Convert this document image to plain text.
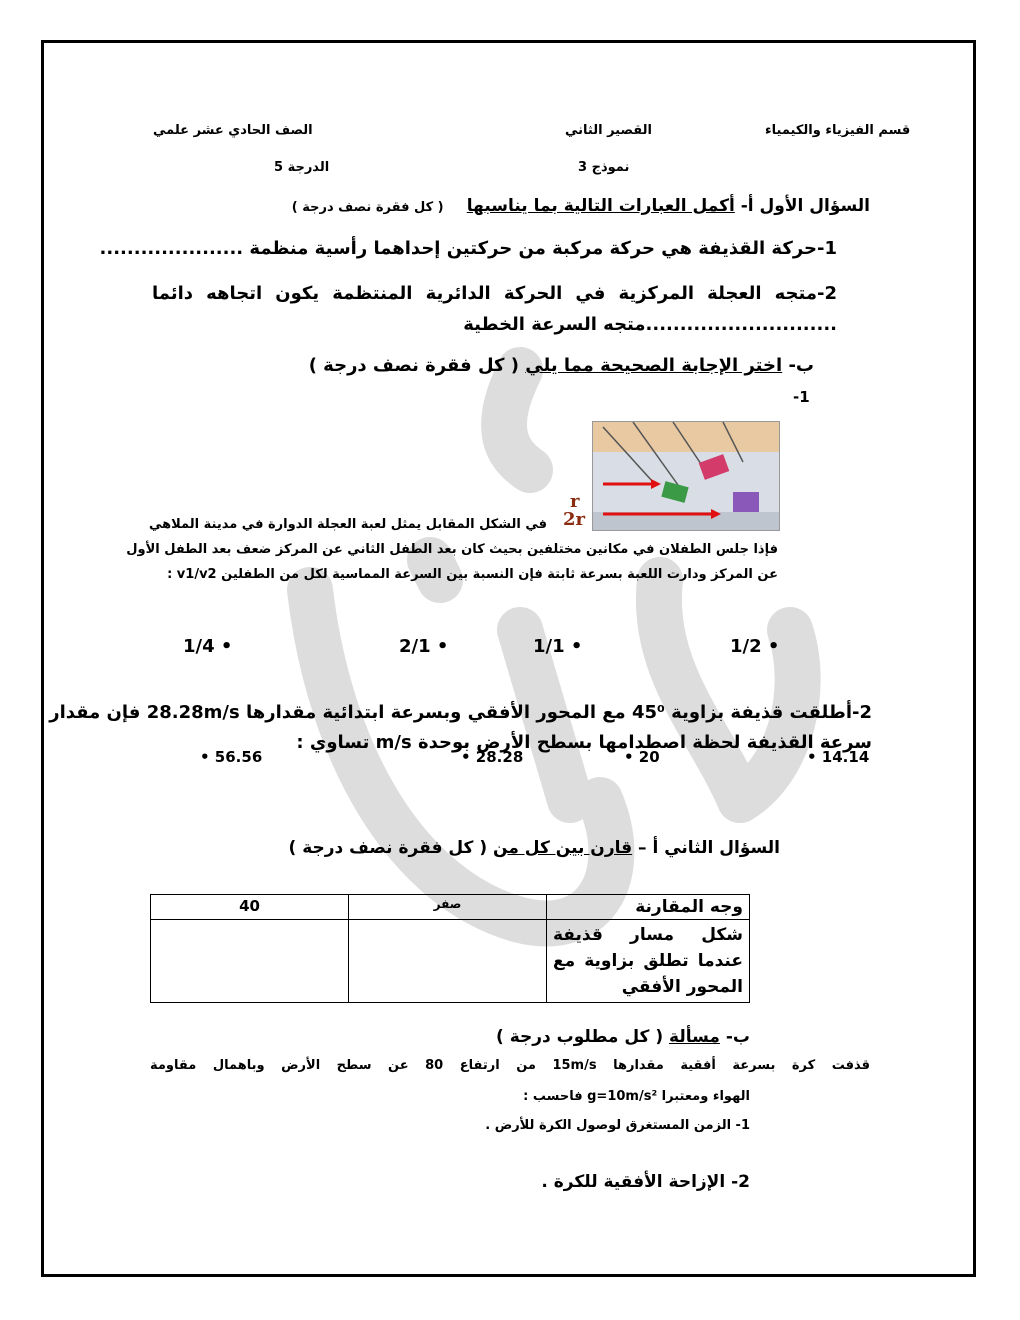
قسم الفيزياء والكيمياء
القصير الثاني
الصف الحادي عشر علمي
نموذج 3
الدرجة 5
السؤال الأول أ- أكمل العبارات التالية بما يناسبها ( كل فقرة نصف درجة )
1-حركة القذيفة هي حركة مركبة من حركتين إحداهما رأسية منظمة .....................
2-متجه العجلة المركزية في الحركة الدائرية المنتظمة يكون اتجاهه دائما
............................متجه السرعة الخطية
ب- اختر الإجابة الصحيحة مما يلي ( كل فقرة نصف درجة )
-1
r
2r
في الشكل المقابل يمثل لعبة العجلة الدوارة في مدينة الملاهي
فإذا جلس الطفلان في مكانين مختلفين بحيث كان بعد الطفل الثاني عن المركز ضعف بعد الطفل الأول
عن المركز ودارت اللعبة بسرعة ثابتة فإن النسبة بين السرعة المماسية لكل من الطفلين v1/v2 :
1/2 •
1/1 •
2/1 •
1/4 •
2-أطلقت قذيفة بزاوية 45⁰ مع المحور الأفقي وبسرعة ابتدائية مقدارها 28.28m/s فإن مقدار
سرعة القذيفة لحظة اصطدامها بسطح الأرض بوحدة m/s تساوي :
• 14.14
• 20
• 28.28
• 56.56
السؤال الثاني أ – قارن بين كل من ( كل فقرة نصف درجة )
وجه المقارنة	صفر	40
شكل مسار قذيفة عندما تطلق بزاوية مع المحور الأفقي		
ب- مسألة ( كل مطلوب درجة )
قذفت كرة بسرعة أفقية مقدارها 15m/s من ارتفاع 80 عن سطح الأرض وباهمال مقاومة
الهواء ومعتبرا g=10m/s² فاحسب :
1- الزمن المستغرق لوصول الكرة للأرض .
2- الإزاحة الأفقية للكرة .
